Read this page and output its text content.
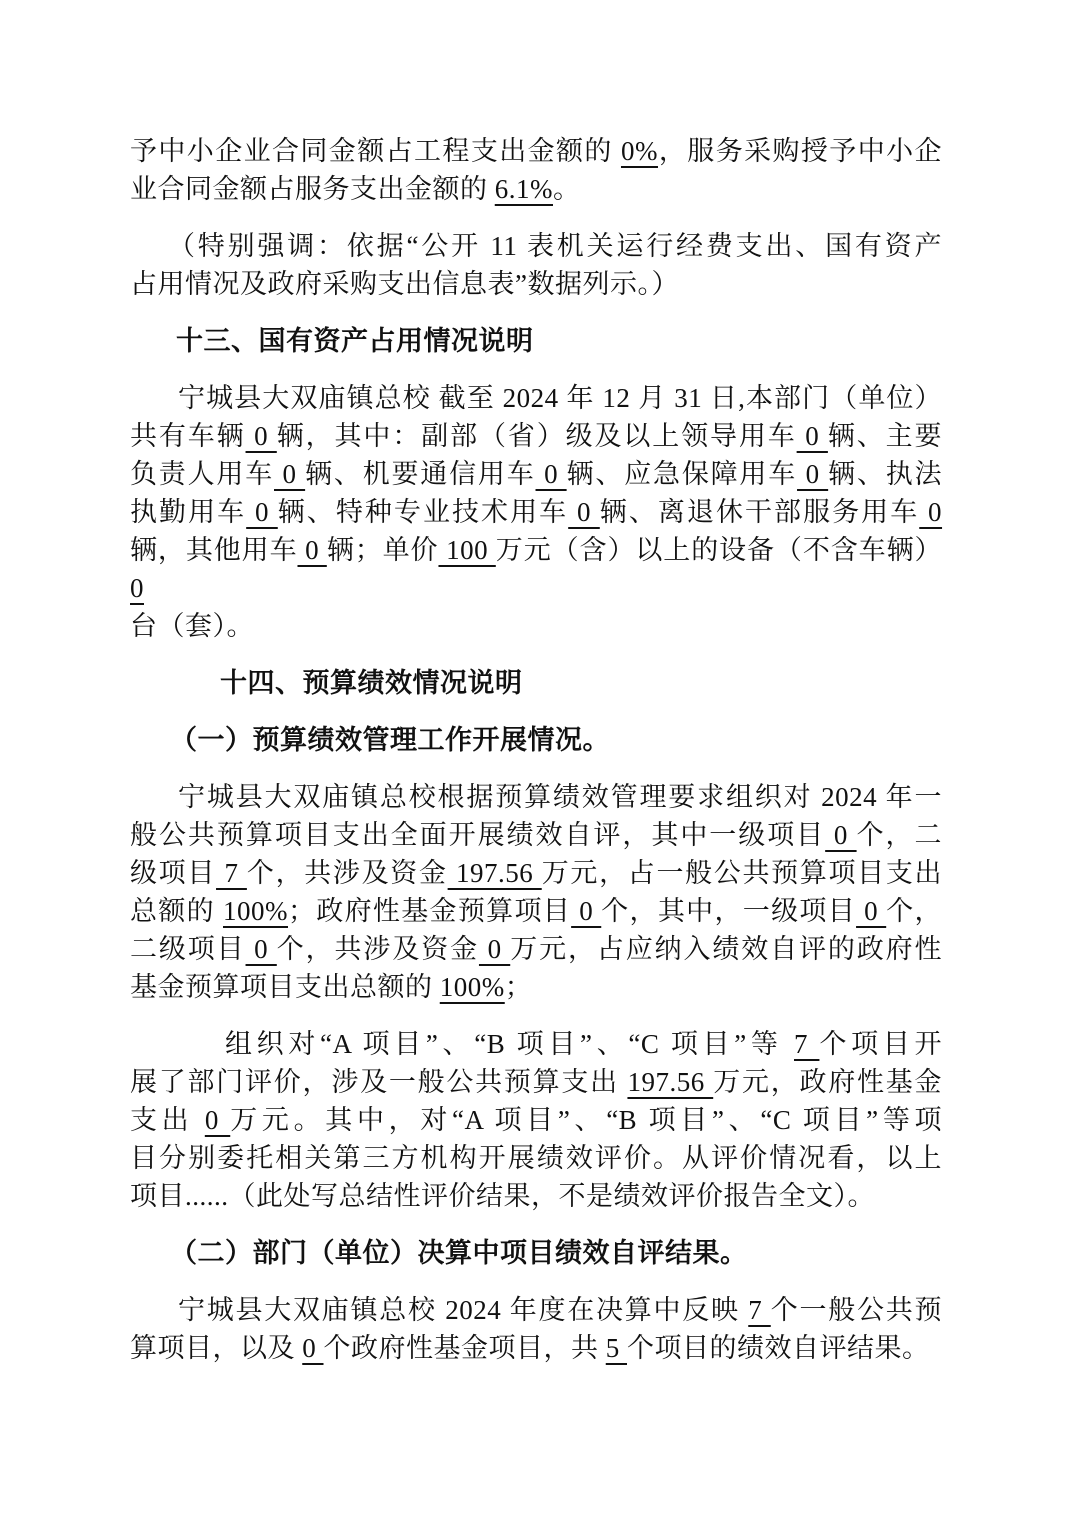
予中小企业合同金额占工程支出金额的 0%，服务采购授予中小企
业合同金额占服务支出金额的 6.1%。
（特别强调：依据“公开 11 表机关运行经费支出、国有资产
占用情况及政府采购支出信息表”数据列示。）
十三、国有资产占用情况说明
宁城县大双庙镇总校 截至 2024 年 12 月 31 日,本部门（单位）
共有车辆 0 辆，其中：副部（省）级及以上领导用车 0 辆、主要
负责人用车 0 辆、机要通信用车 0 辆、应急保障用车 0 辆、执法
执勤用车 0 辆、特种专业技术用车 0 辆、离退休干部服务用车 0
辆，其他用车 0 辆；单价 100 万元（含）以上的设备（不含车辆）0
台（套）。
十四、预算绩效情况说明
（一）预算绩效管理工作开展情况。
宁城县大双庙镇总校根据预算绩效管理要求组织对 2024 年一
般公共预算项目支出全面开展绩效自评，其中一级项目 0 个，二
级项目 7 个，共涉及资金 197.56 万元，占一般公共预算项目支出
总额的 100%；政府性基金预算项目 0 个，其中，一级项目 0 个，
二级项目 0 个，共涉及资金 0 万元，占应纳入绩效自评的政府性
基金预算项目支出总额的 100%；
组织对“A 项目”、“B 项目”、“C 项目”等 7 个项目开
展了部门评价，涉及一般公共预算支出 197.56 万元，政府性基金
支出 0 万元。其中，对“A 项目”、“B 项目”、“C 项目”等项
目分别委托相关第三方机构开展绩效评价。从评价情况看，以上
项目......（此处写总结性评价结果，不是绩效评价报告全文）。
（二）部门（单位）决算中项目绩效自评结果。
宁城县大双庙镇总校 2024 年度在决算中反映 7 个一般公共预
算项目，以及 0 个政府性基金项目，共 5 个项目的绩效自评结果。
